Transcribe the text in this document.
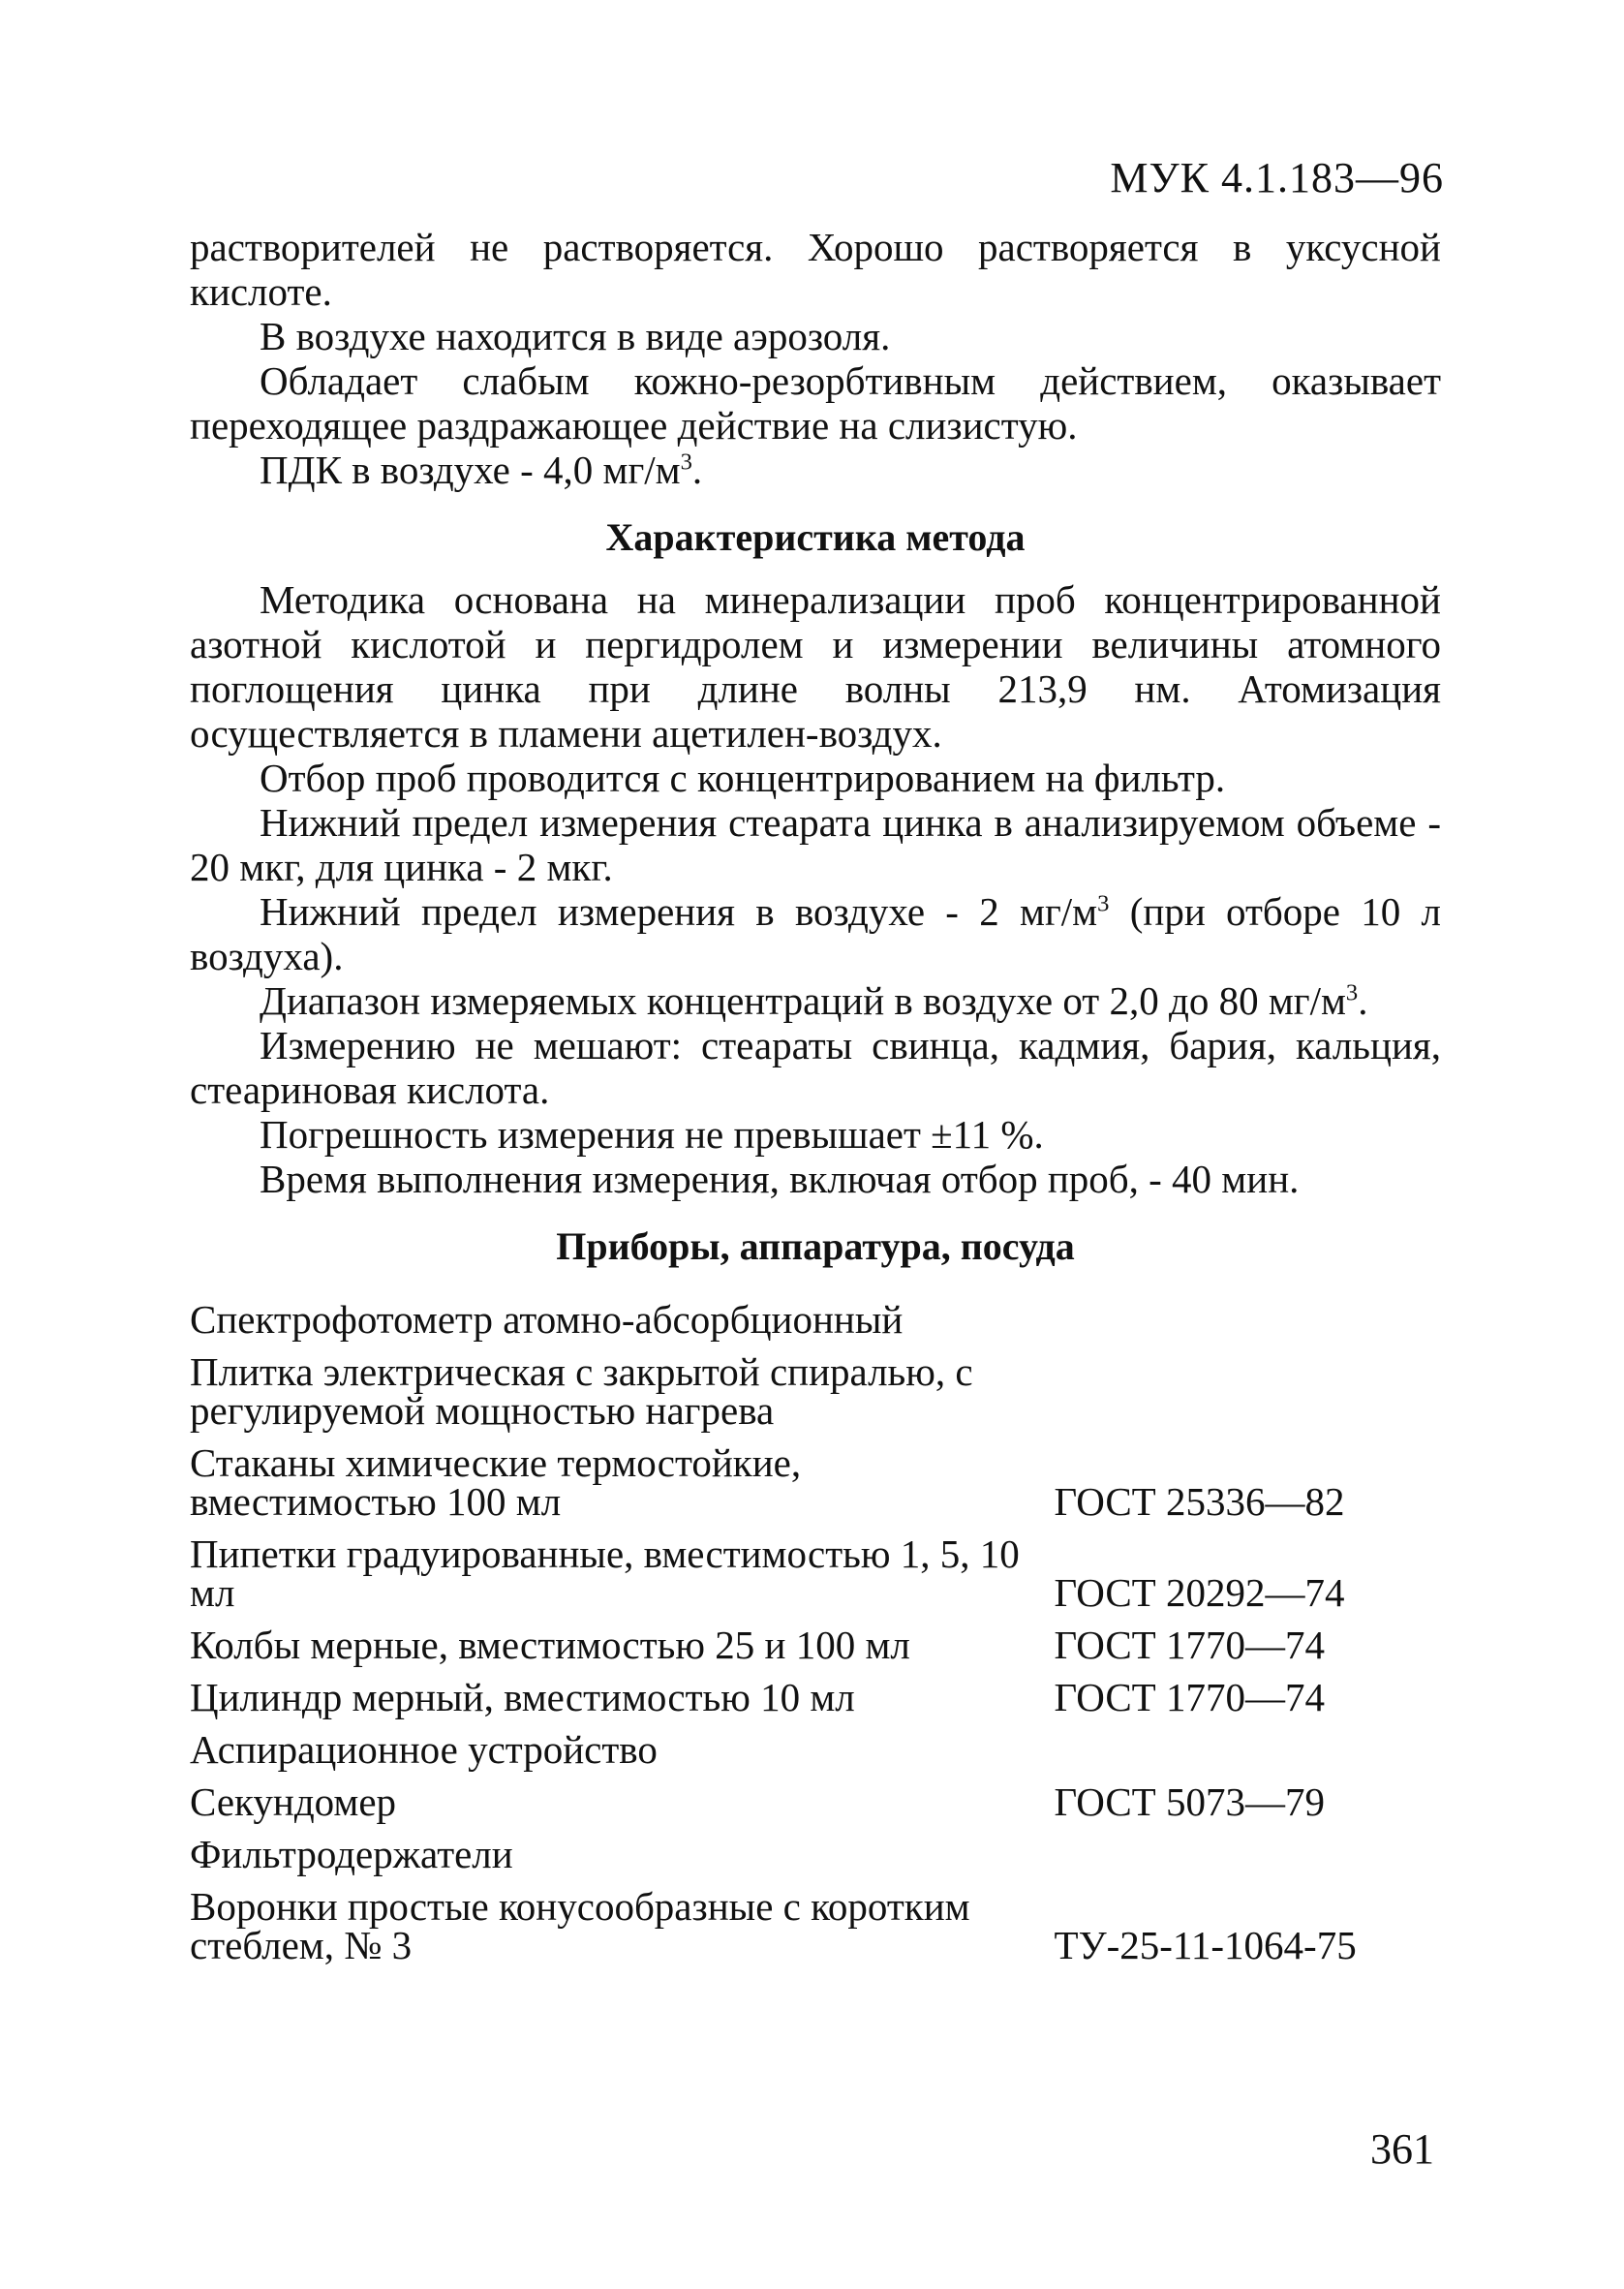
МУК 4.1.183—96

растворителей не растворяется. Хорошо растворяется в уксусной кислоте.

В воздухе находится в виде аэрозоля.

Обладает слабым кожно-резорбтивным действием, оказывает переходящее раздражающее действие на слизистую.

ПДК в воздухе - 4,0 $мг/м^3$.

Характеристика метода

Методика основана на минерализации проб концентрированной азотной кислотой и пергидролем и измерении величины атомного поглощения цинка при длине волны 213,9 нм. Атомизация осуществляется в пламени ацетилен-воздух.

Отбор проб проводится с концентрированием на фильтр.

Нижний предел измерения стеарата цинка в анализируемом объеме - 20 мкг, для цинка - 2 мкг.

Нижний предел измерения в воздухе - 2 $мг/м^3$ (при отборе 10 л воздуха).

Диапазон измеряемых концентраций в воздухе от 2,0 до 80 $мг/м^3$.

Измерению не мешают: стеараты свинца, кадмия, бария, кальция, стеариновая кислота.

Погрешность измерения не превышает ±11 %.

Время выполнения измерения, включая отбор проб, - 40 мин.

Приборы, аппаратура, посуда
Спектрофотометр атомно-абсорбционный	
Плитка электрическая с закрытой спиралью, с регулируемой мощностью нагрева	
Стаканы химические термостойкие, вместимостью 100 мл	ГОСТ 25336—82
Пипетки градуированные, вместимостью 1, 5, 10 мл	ГОСТ 20292—74
Колбы мерные, вместимостью 25 и 100 мл	ГОСТ 1770—74
Цилиндр мерный, вместимостью 10 мл	ГОСТ 1770—74
Аспирационное устройство	
Секундомер	ГОСТ 5073—79
Фильтродержатели	
Воронки простые конусообразные с коротким стеблем, № 3	ТУ-25-11-1064-75
361
